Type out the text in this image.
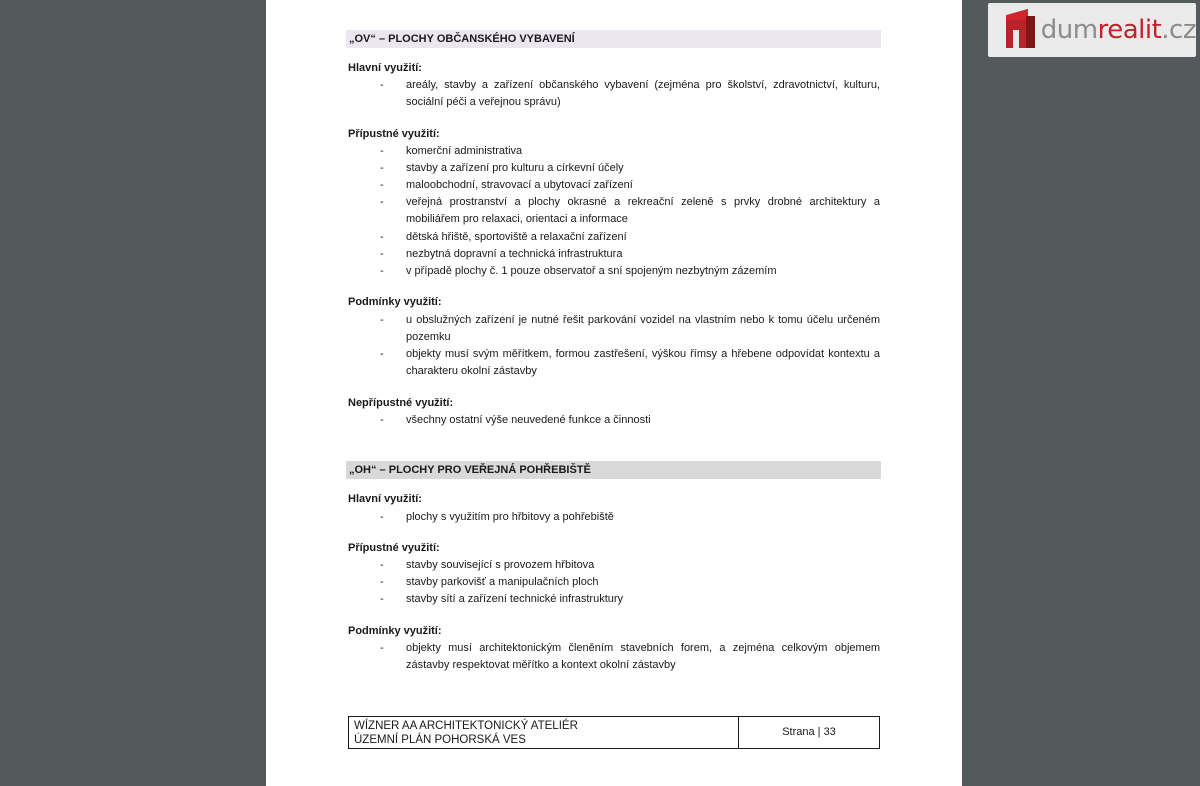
dumrealit.cz
„OV“ – PLOCHY OBČANSKÉHO VYBAVENÍ
Hlavní využití:
- areály, stavby a zařízení občanského vybavení (zejména pro školství, zdravotnictví, kulturu, sociální péči a veřejnou správu)
Přípustné využití:
- komerční administrativa
- stavby a zařízení pro kulturu a církevní účely
- maloobchodní, stravovací a ubytovací zařízení
- veřejná prostranství a plochy okrasné a rekreační zeleně s prvky drobné architektury a mobiliářem pro relaxaci, orientaci a informace
- dětská hřiště, sportoviště a relaxační zařízení
- nezbytná dopravní a technická infrastruktura
- v případě plochy č. 1 pouze observatoř a sní spojeným nezbytným zázemím
Podmínky využití:
- u obslužných zařízení je nutné řešit parkování vozidel na vlastním nebo k tomu účelu určeném pozemku
- objekty musí svým měřítkem, formou zastřešení, výškou římsy a hřebene odpovídat kontextu a charakteru okolní zástavby
Nepřípustné využití:
- všechny ostatní výše neuvedené funkce a činnosti
„OH“ – PLOCHY PRO VEŘEJNÁ POHŘEBIŠTĚ
Hlavní využití:
- plochy s využitím pro hřbitovy a pohřebiště
Přípustné využití:
- stavby související s provozem hřbitova
- stavby parkovišť a manipulačních ploch
- stavby sítí a zařízení technické infrastruktury
Podmínky využití:
- objekty musí architektonickým členěním stavebních forem, a zejména celkovým objemem zástavby respektovat měřítko a kontext okolní zástavby
WÍZNER AA ARCHITEKTONICKÝ ATELIÉR
ÚZEMNÍ PLÁN POHORSKÁ VES
Strana | 33
